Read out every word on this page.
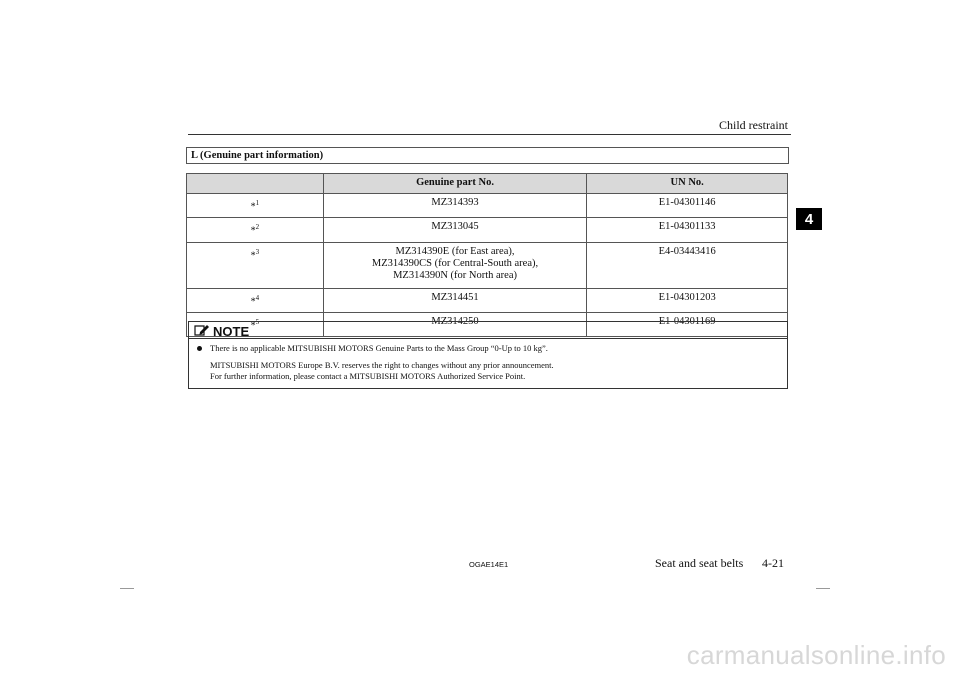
Child restraint
4
L (Genuine part information)
	Genuine part No.	UN No.
*$^1$	MZ314393	E1-04301146
*$^2$	MZ313045	E1-04301133
*$^3$	MZ314390E (for East area),
MZ314390CS (for Central-South area),
MZ314390N (for North area)	E4-03443416
*$^4$	MZ314451	E1-04301203
*$^5$	MZ314250	E1-04301169
NOTE
There is no applicable MITSUBISHI MOTORS Genuine Parts to the Mass Group “0-Up to 10 kg”.
MITSUBISHI MOTORS Europe B.V. reserves the right to changes without any prior announcement.
For further information, please contact a MITSUBISHI MOTORS Authorized Service Point.
OGAE14E1	Seat and seat belts 4-21
carmanualsonline.info
